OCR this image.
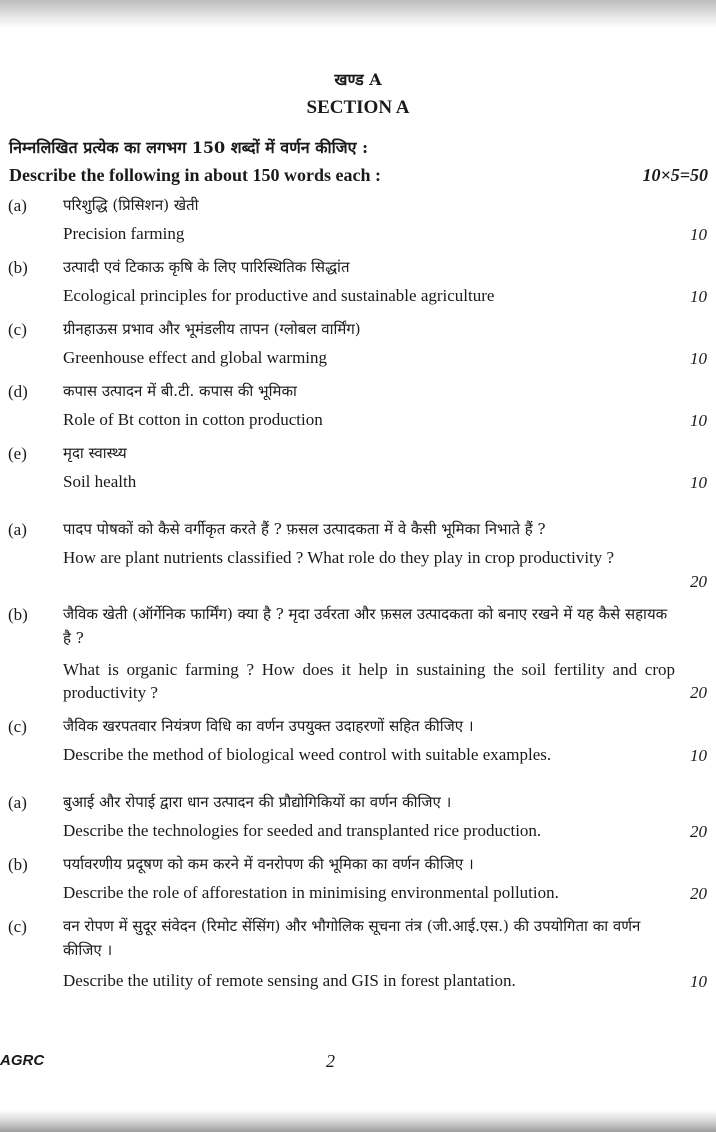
खण्ड A
SECTION A
निम्नलिखित प्रत्येक का लगभग 150 शब्दों में वर्णन कीजिए :
Describe the following in about 150 words each :	10×5=50
(a) परिशुद्धि (प्रिसिशन) खेती
Precision farming	10
(b) उत्पादी एवं टिकाऊ कृषि के लिए पारिस्थितिक सिद्धांत
Ecological principles for productive and sustainable agriculture	10
(c) ग्रीनहाऊस प्रभाव और भूमंडलीय तापन (ग्लोबल वार्मिंग)
Greenhouse effect and global warming	10
(d) कपास उत्पादन में बी.टी. कपास की भूमिका
Role of Bt cotton in cotton production	10
(e) मृदा स्वास्थ्य
Soil health	10
(a) पादप पोषकों को कैसे वर्गीकृत करते हैं ? फ़सल उत्पादकता में वे कैसी भूमिका निभाते हैं ?
How are plant nutrients classified ? What role do they play in crop productivity ?
20
(b) जैविक खेती (ऑर्गेनिक फार्मिंग) क्या है ? मृदा उर्वरता और फ़सल उत्पादकता को बनाए रखने में यह कैसे सहायक है ?
What is organic farming ? How does it help in sustaining the soil fertility and crop productivity ?	20
(c) जैविक खरपतवार नियंत्रण विधि का वर्णन उपयुक्त उदाहरणों सहित कीजिए ।
Describe the method of biological weed control with suitable examples.	10
(a) बुआई और रोपाई द्वारा धान उत्पादन की प्रौद्योगिकियों का वर्णन कीजिए ।
Describe the technologies for seeded and transplanted rice production.	20
(b) पर्यावरणीय प्रदूषण को कम करने में वनरोपण की भूमिका का वर्णन कीजिए ।
Describe the role of afforestation in minimising environmental pollution.	20
(c) वन रोपण में सुदूर संवेदन (रिमोट सेंसिंग) और भौगोलिक सूचना तंत्र (जी.आई.एस.) की उपयोगिता का वर्णन कीजिए ।
Describe the utility of remote sensing and GIS in forest plantation.	10
AGRC	2
